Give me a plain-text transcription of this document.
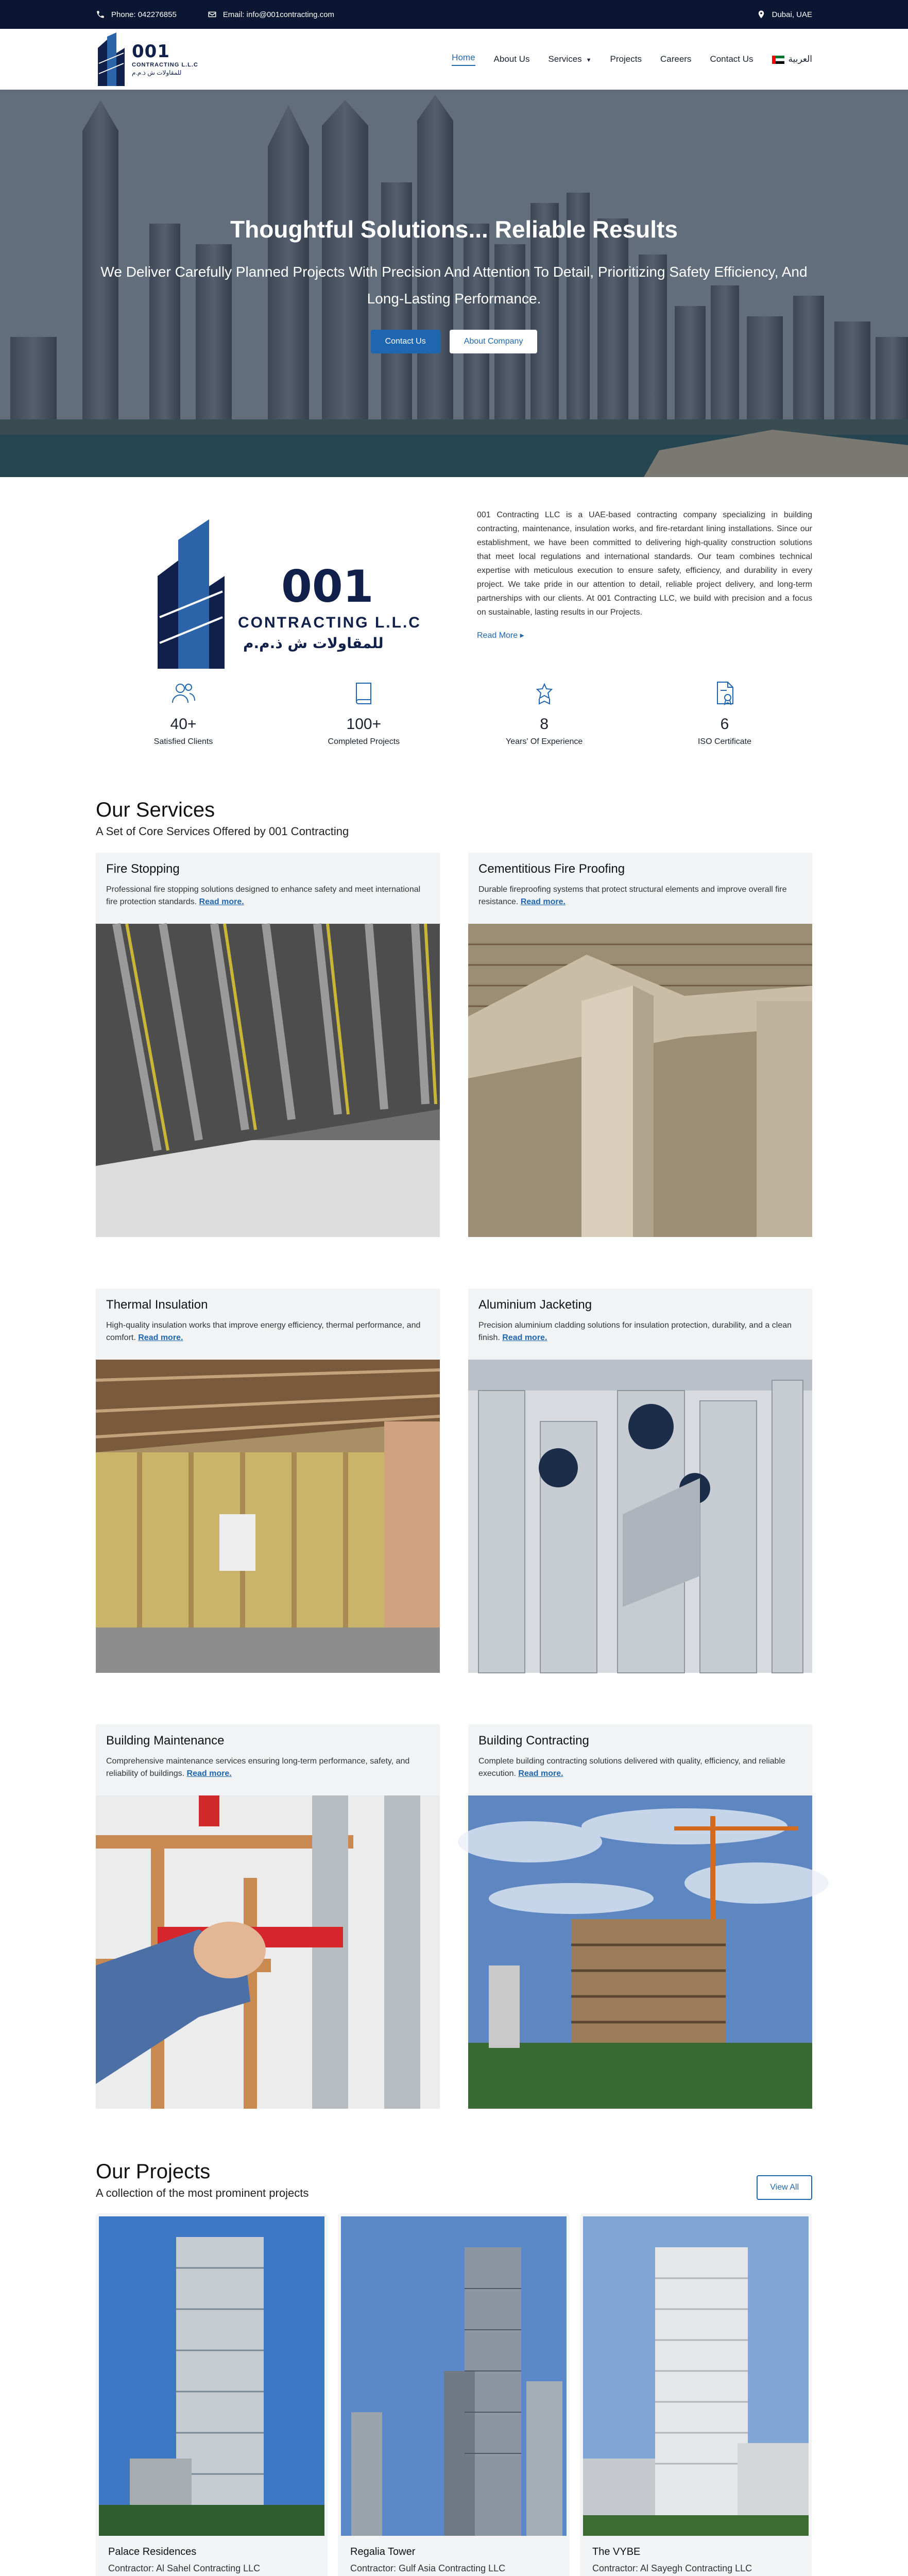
Phone: 042276855	Email: info@001contracting.com	Dubai, UAE
001
CONTRACTING L.L.C
للمقاولات ش ذ.م.م
Home About Us Services ▼ Projects Careers Contact Us	العربية
Thoughtful Solutions... Reliable Results

We Deliver Carefully Planned Projects With Precision And Attention To Detail, Prioritizing Safety Efficiency, And Long-Lasting Performance.

Contact Us	About Company
001
CONTRACTING L.L.C
للمقاولات ش ذ.م.م

001 Contracting LLC is a UAE-based contracting company specializing in building contracting, maintenance, insulation works, and fire-retardant lining installations. Since our establishment, we have been committed to delivering high-quality construction solutions that meet local regulations and international standards. Our team combines technical expertise with meticulous execution to ensure safety, efficiency, and durability in every project. We take pride in our attention to detail, reliable project delivery, and long-term partnerships with our clients. At 001 Contracting LLC, we build with precision and a focus on sustainable, lasting results in our Projects.

Read More ▸
40+
Satisfied Clients
100+
Completed Projects
8
Years' Of Experience
6
ISO Certificate
Our Services
A Set of Core Services Offered by 001 Contracting
Fire Stopping

Professional fire stopping solutions designed to enhance safety and meet international fire protection standards. Read more.

Cementitious Fire Proofing

Durable fireproofing systems that protect structural elements and improve overall fire resistance. Read more.

Thermal Insulation

High-quality insulation works that improve energy efficiency, thermal performance, and comfort. Read more.

Aluminium Jacketing

Precision aluminium cladding solutions for insulation protection, durability, and a clean finish. Read more.

Building Maintenance

Comprehensive maintenance services ensuring long-term performance, safety, and reliability of buildings. Read more.

Building Contracting

Complete building contracting solutions delivered with quality, efficiency, and reliable execution. Read more.

Our Projects
A collection of the most prominent projects	View All
Palace Residences
Contractor: Al Sahel Contracting LLC
Regalia Tower
Contractor: Gulf Asia Contracting LLC
The VYBE
Contractor: Al Sayegh Contracting LLC
